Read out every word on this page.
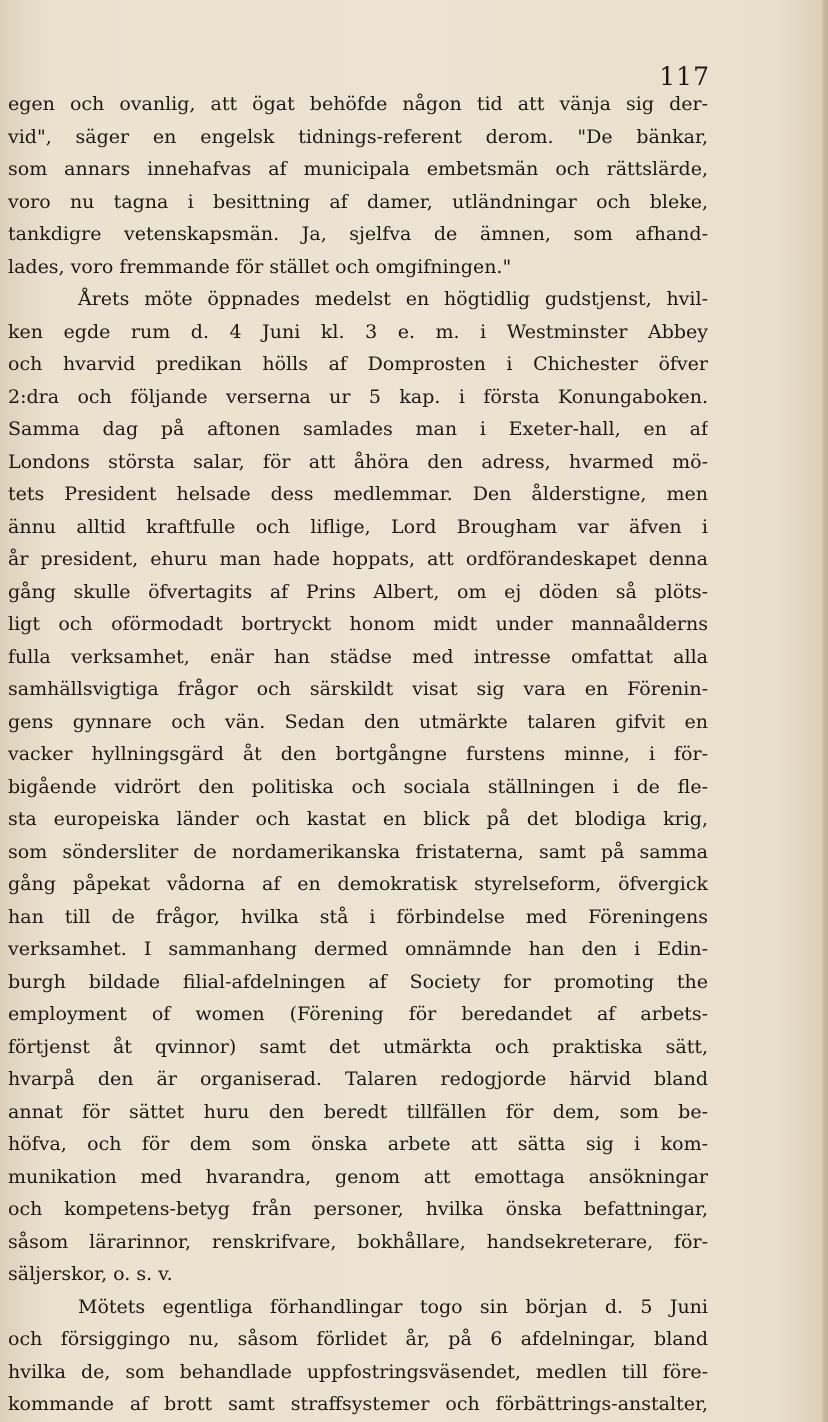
117
egen och ovanlig, att ögat behöfde någon tid att vänja sig der-
vid", säger en engelsk tidnings-referent derom. "De bänkar,
som annars innehafvas af municipala embetsmän och rättslärde,
voro nu tagna i besittning af damer, utländningar och bleke,
tankdigre vetenskapsmän. Ja, sjelfva de ämnen, som afhand-
lades, voro fremmande för stället och omgifningen."
Årets möte öppnades medelst en högtidlig gudstjenst, hvil-
ken egde rum d. 4 Juni kl. 3 e. m. i Westminster Abbey
och hvarvid predikan hölls af Domprosten i Chichester öfver
2:dra och följande verserna ur 5 kap. i första Konungaboken.
Samma dag på aftonen samlades man i Exeter-hall, en af
Londons största salar, för att åhöra den adress, hvarmed mö-
tets President helsade dess medlemmar. Den ålderstigne, men
ännu alltid kraftfulle och liflige, Lord Brougham var äfven i
år president, ehuru man hade hoppats, att ordförandeskapet denna
gång skulle öfvertagits af Prins Albert, om ej döden så plöts-
ligt och oförmodadt bortryckt honom midt under mannaålderns
fulla verksamhet, enär han städse med intresse omfattat alla
samhällsvigtiga frågor och särskildt visat sig vara en Förenin-
gens gynnare och vän. Sedan den utmärkte talaren gifvit en
vacker hyllningsgärd åt den bortgångne furstens minne, i för-
bigående vidrört den politiska och sociala ställningen i de fle-
sta europeiska länder och kastat en blick på det blodiga krig,
som söndersliter de nordamerikanska fristaterna, samt på samma
gång påpekat vådorna af en demokratisk styrelseform, öfvergick
han till de frågor, hvilka stå i förbindelse med Föreningens
verksamhet. I sammanhang dermed omnämnde han den i Edin-
burgh bildade filial-afdelningen af Society for promoting the
employment of women (Förening för beredandet af arbets-
förtjenst åt qvinnor) samt det utmärkta och praktiska sätt,
hvarpå den är organiserad. Talaren redogjorde härvid bland
annat för sättet huru den beredt tillfällen för dem, som be-
höfva, och för dem som önska arbete att sätta sig i kom-
munikation med hvarandra, genom att emottaga ansökningar
och kompetens-betyg från personer, hvilka önska befattningar,
såsom lärarinnor, renskrifvare, bokhållare, handsekreterare, för-
säljerskor, o. s. v.
Mötets egentliga förhandlingar togo sin början d. 5 Juni
och försiggingo nu, såsom förlidet år, på 6 afdelningar, bland
hvilka de, som behandlade uppfostringsväsendet, medlen till före-
kommande af brott samt straffsystemer och förbättrings-anstalter,
